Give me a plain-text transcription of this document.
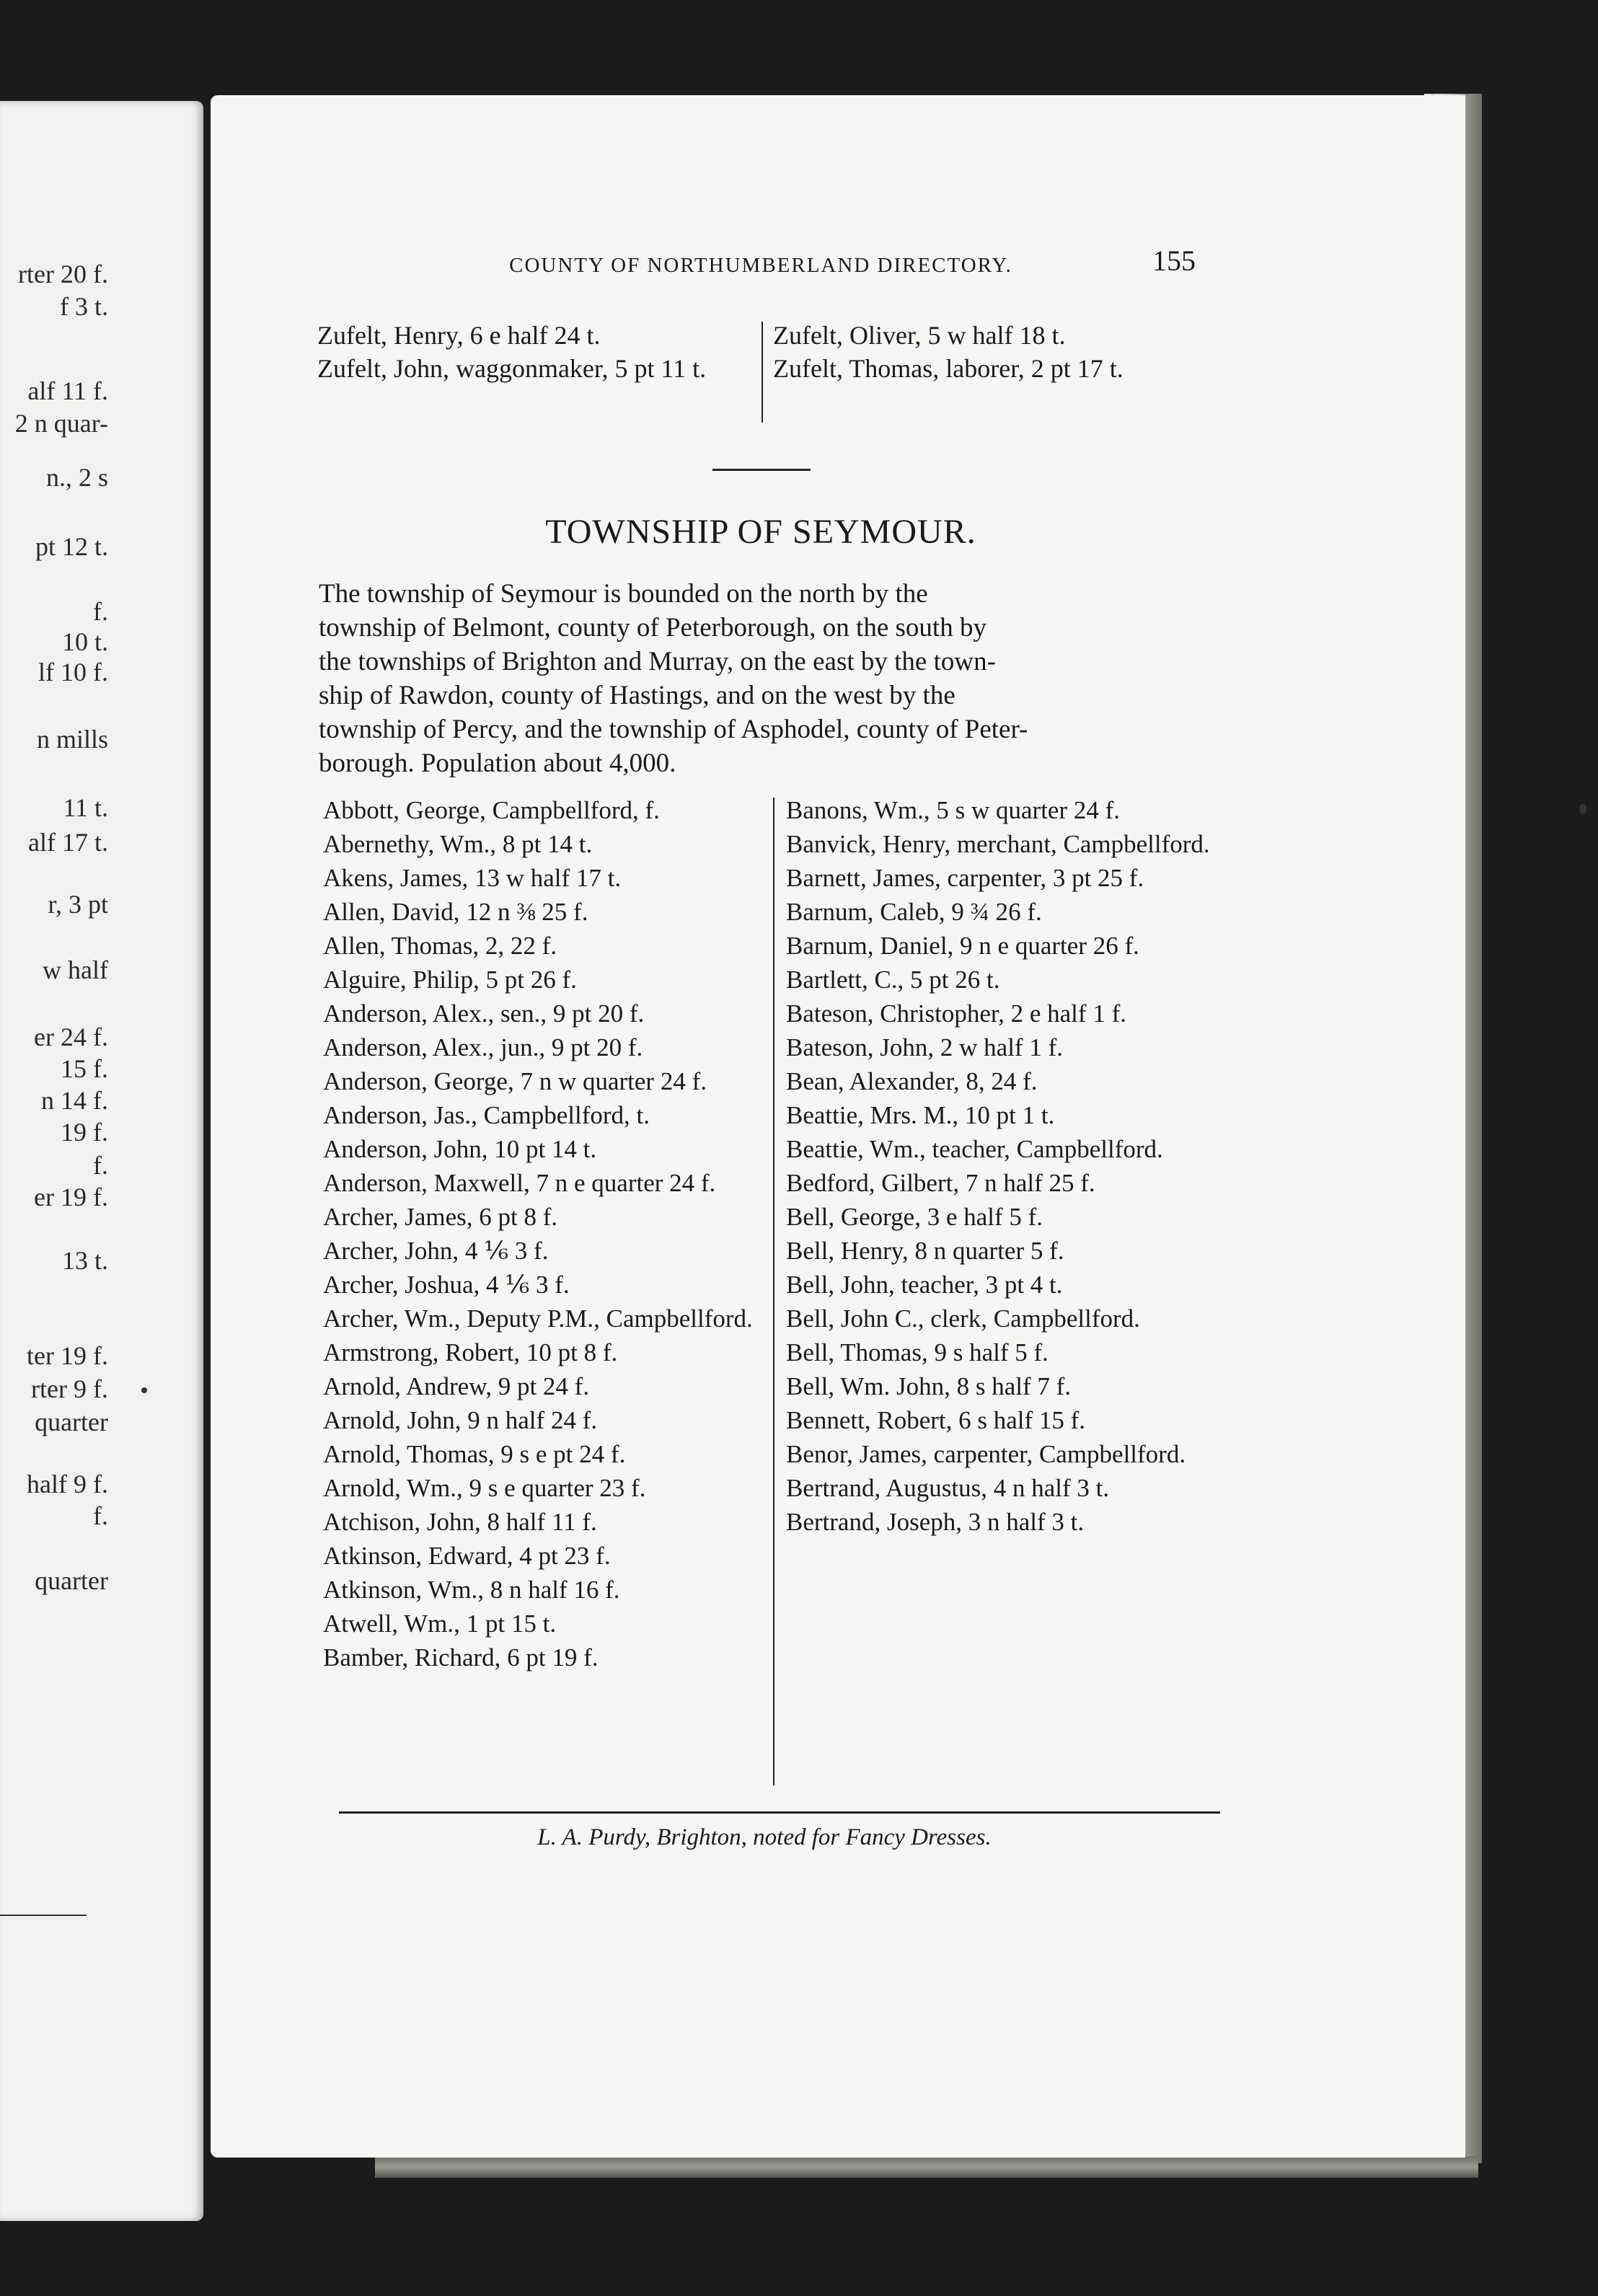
rter 20 f.
f 3 t.
alf 11 f.
2 n quar-
n., 2 s
pt 12 t.
f.
10 t.
lf 10 f.
n mills
11 t.
alf 17 t.
r, 3 pt
w half
er 24 f.
15 f.
n 14 f.
19 f.
f.
er 19 f.
13 t.
ter 19 f.
rter 9 f.
quarter
half 9 f.
f.
quarter
COUNTY OF NORTHUMBERLAND DIRECTORY.	155
Zufelt, Henry, 6 e half 24 t.
Zufelt, John, waggonmaker, 5 pt 11 t.
Zufelt, Oliver, 5 w half 18 t.
Zufelt, Thomas, laborer, 2 pt 17 t.
TOWNSHIP OF SEYMOUR.
The township of Seymour is bounded on the north by the
township of Belmont, county of Peterborough, on the south by
the townships of Brighton and Murray, on the east by the town-
ship of Rawdon, county of Hastings, and on the west by the
township of Percy, and the township of Asphodel, county of Peter-
borough. Population about 4,000.
Abbott, George, Campbellford, f.
Abernethy, Wm., 8 pt 14 t.
Akens, James, 13 w half 17 t.
Allen, David, 12 n ⅜ 25 f.
Allen, Thomas, 2, 22 f.
Alguire, Philip, 5 pt 26 f.
Anderson, Alex., sen., 9 pt 20 f.
Anderson, Alex., jun., 9 pt 20 f.
Anderson, George, 7 n w quarter 24 f.
Anderson, Jas., Campbellford, t.
Anderson, John, 10 pt 14 t.
Anderson, Maxwell, 7 n e quarter 24 f.
Archer, James, 6 pt 8 f.
Archer, John, 4 ⅙ 3 f.
Archer, Joshua, 4 ⅙ 3 f.
Archer, Wm., Deputy P.M., Campbellford.
Armstrong, Robert, 10 pt 8 f.
Arnold, Andrew, 9 pt 24 f.
Arnold, John, 9 n half 24 f.
Arnold, Thomas, 9 s e pt 24 f.
Arnold, Wm., 9 s e quarter 23 f.
Atchison, John, 8 half 11 f.
Atkinson, Edward, 4 pt 23 f.
Atkinson, Wm., 8 n half 16 f.
Atwell, Wm., 1 pt 15 t.
Bamber, Richard, 6 pt 19 f.
Banons, Wm., 5 s w quarter 24 f.
Banvick, Henry, merchant, Campbellford.
Barnett, James, carpenter, 3 pt 25 f.
Barnum, Caleb, 9 ¾ 26 f.
Barnum, Daniel, 9 n e quarter 26 f.
Bartlett, C., 5 pt 26 t.
Bateson, Christopher, 2 e half 1 f.
Bateson, John, 2 w half 1 f.
Bean, Alexander, 8, 24 f.
Beattie, Mrs. M., 10 pt 1 t.
Beattie, Wm., teacher, Campbellford.
Bedford, Gilbert, 7 n half 25 f.
Bell, George, 3 e half 5 f.
Bell, Henry, 8 n quarter 5 f.
Bell, John, teacher, 3 pt 4 t.
Bell, John C., clerk, Campbellford.
Bell, Thomas, 9 s half 5 f.
Bell, Wm. John, 8 s half 7 f.
Bennett, Robert, 6 s half 15 f.
Benor, James, carpenter, Campbellford.
Bertrand, Augustus, 4 n half 3 t.
Bertrand, Joseph, 3 n half 3 t.
L. A. Purdy, Brighton, noted for Fancy Dresses.
